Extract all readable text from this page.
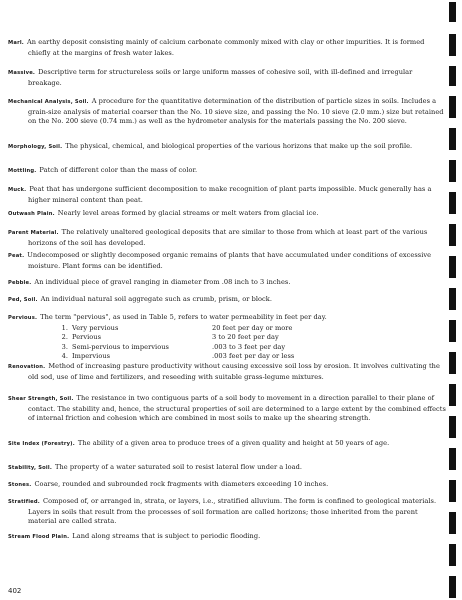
Marl. An earthy deposit consisting mainly of calcium carbonate commonly mixed with clay or other impurities. It is formed chiefly at the margins of fresh water lakes.
Massive. Descriptive term for structureless soils or large uniform masses of cohesive soil, with ill-defined and irregular breakage.
Mechanical Analysis, Soil. A procedure for the quantitative determination of the distribution of particle sizes in soils. Includes a grain-size analysis of material coarser than the No. 10 sieve size, and passing the No. 10 sieve (2.0 mm.) size but retained on the No. 200 sieve (0.74 mm.) as well as the hydrometer analysis for the materials passing the No. 200 sieve.
Morphology, Soil. The physical, chemical, and biological properties of the various horizons that make up the soil profile.
Mottling. Patch of different color than the mass of color.
Muck. Peat that has undergone sufficient decomposition to make recognition of plant parts impossible. Muck generally has a higher mineral content than peat.
Outwash Plain. Nearly level areas formed by glacial streams or melt waters from glacial ice.
Parent Material. The relatively unaltered geological deposits that are similar to those from which at least part of the various horizons of the soil has developed.
Peat. Undecomposed or slightly decomposed organic remains of plants that have accumulated under conditions of excessive moisture. Plant forms can be identified.
Pebble. An individual piece of gravel ranging in diameter from .08 inch to 3 inches.
Ped, Soil. An individual natural soil aggregate such as crumb, prism, or block.
Pervious. The term "pervious", as used in Table 5, refers to water permeability in feet per day.
1. Very pervious	20 feet per day or more
2. Pervious	3 to 20 feet per day
3. Semi-pervious to impervious	.003 to 3 feet per day
4. Impervious	.003 feet per day or less
Renovation. Method of increasing pasture productivity without causing excessive soil loss by erosion. It involves cultivating the old sod, use of lime and fertilizers, and reseeding with suitable grass-legume mixtures.
Shear Strength, Soil. The resistance in two contiguous parts of a soil body to movement in a direction parallel to their plane of contact. The stability and, hence, the structural properties of soil are determined to a large extent by the combined effects of internal friction and cohesion which are combined in most soils to make up the shearing strength.
Site Index (Forestry). The ability of a given area to produce trees of a given quality and height at 50 years of age.
Stability, Soil. The property of a water saturated soil to resist lateral flow under a load.
Stones. Coarse, rounded and subrounded rock fragments with diameters exceeding 10 inches.
Stratified. Composed of, or arranged in, strata, or layers, i.e., stratified alluvium. The form is confined to geological materials. Layers in soils that result from the processes of soil formation are called horizons; those inherited from the parent material are called strata.
Stream Flood Plain. Land along streams that is subject to periodic flooding.
402
